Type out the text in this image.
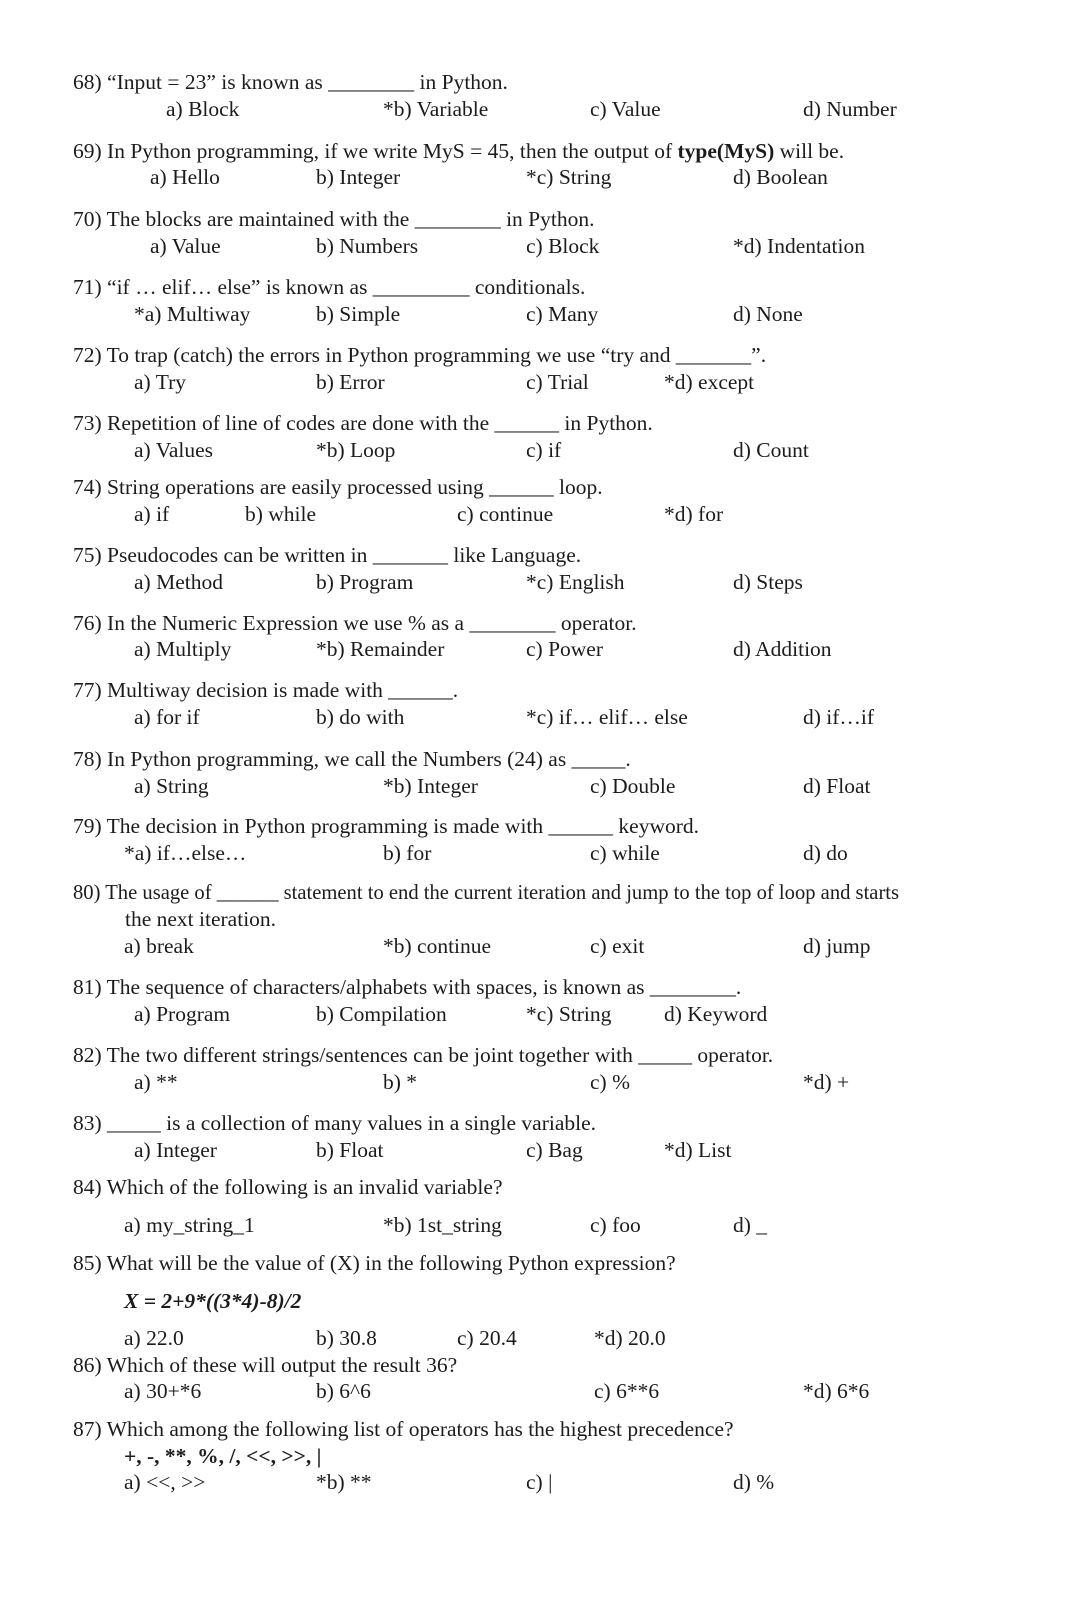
68) “Input = 23” is known as ________ in Python.
a) Block	*b) Variable	c) Value	d) Number
69) In Python programming, if we write MyS = 45, then the output of type(MyS) will be.
a) Hello	b) Integer	*c) String	d) Boolean
70) The blocks are maintained with the ________ in Python.
a) Value	b) Numbers	c) Block	*d) Indentation
71) “if … elif… else” is known as _________ conditionals.
*a) Multiway	b) Simple	c) Many	d) None
72) To trap (catch) the errors in Python programming we use “try and _______”.
a) Try	b) Error	c) Trial	*d) except
73) Repetition of line of codes are done with the ______ in Python.
a) Values	*b) Loop	c) if	d) Count
74) String operations are easily processed using ______ loop.
a) if	b) while	c) continue	*d) for
75) Pseudocodes can be written in _______ like Language.
a) Method	b) Program	*c) English	d) Steps
76) In the Numeric Expression we use % as a ________ operator.
a) Multiply	*b) Remainder	c) Power	d) Addition
77) Multiway decision is made with ______.
a) for if	b) do with	*c) if… elif… else	d) if…if
78) In Python programming, we call the Numbers (24) as _____.
a) String	*b) Integer	c) Double	d) Float
79) The decision in Python programming is made with ______ keyword.
*a) if…else…	b) for	c) while	d) do
80) The usage of ______ statement to end the current iteration and jump to the top of loop and starts
the next iteration.
a) break	*b) continue	c) exit	d) jump
81) The sequence of characters/alphabets with spaces, is known as ________.
a) Program	b) Compilation	*c) String d) Keyword
82) The two different strings/sentences can be joint together with _____ operator.
a) **	b) *	c) %	*d) +
83) _____ is a collection of many values in a single variable.
a) Integer	b) Float	c) Bag	*d) List
84) Which of the following is an invalid variable?
a) my_string_1	*b) 1st_string	c) foo	d) _
85) What will be the value of (X) in the following Python expression?
X = 2+9*((3*4)-8)/2
a) 22.0	b) 30.8	c) 20.4	*d) 20.0
86) Which of these will output the result 36?
a) 30+*6	b) 6^6	c) 6**6	*d) 6*6
87) Which among the following list of operators has the highest precedence?
+, -, **, %, /, <<, >>, |
a) <<, >>	*b) **	c) |	d) %
